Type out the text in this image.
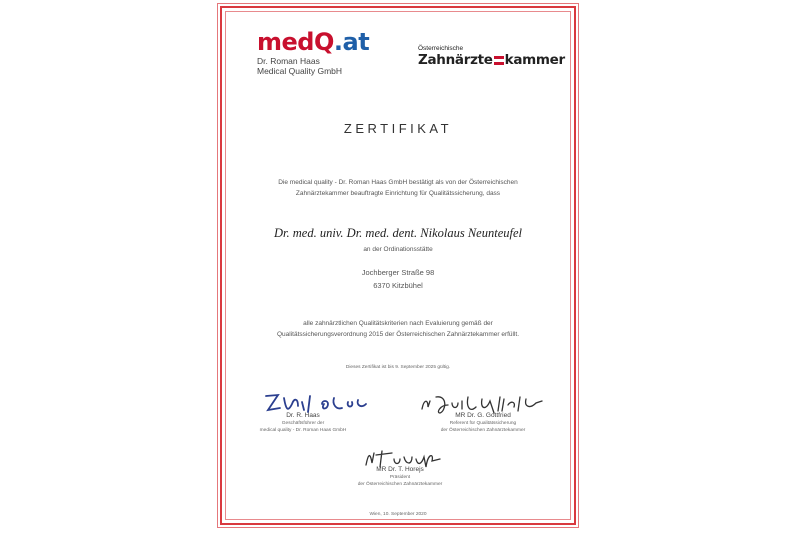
medQ.at
Dr. Roman Haas
Medical Quality GmbH
Österreichische
Zahnärzte kammer
ZERTIFIKAT
Die medical quality - Dr. Roman Haas GmbH bestätigt als von der Österreichischen
Zahnärztekammer beauftragte Einrichtung für Qualitätssicherung, dass
Dr. med. univ. Dr. med. dent. Nikolaus Neunteufel
an der Ordinationsstätte
Jochberger Straße 98
6370 Kitzbühel
alle zahnärztlichen Qualitätskriterien nach Evaluierung gemäß der
Qualitätssicherungsverordnung 2015 der Österreichischen Zahnärztekammer erfüllt.
Dieses Zertifikat ist bis 9. September 2025 gültig.
Dr. R. Haas
Geschäftsführer der
medical quality - Dr. Roman Haas GmbH
MR Dr. G. Gottfried
Referent für Qualitätssicherung
der Österreichischen Zahnärztekammer
MR Dr. T. Horejs
Präsident
der Österreichischen Zahnärztekammer
Wien, 10. September 2020
